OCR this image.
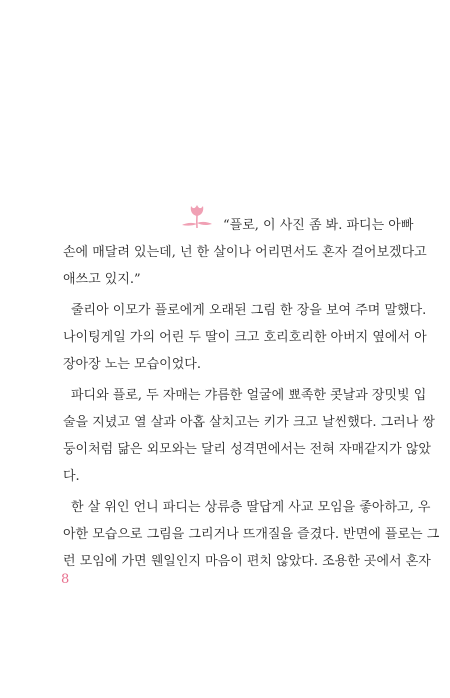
“플로, 이 사진 좀 봐. 파디는 아빠
손에 매달려 있는데, 넌 한 살이나 어리면서도 혼자 걸어보겠다고
애쓰고 있지.”
줄리아 이모가 플로에게 오래된 그림 한 장을 보여 주며 말했다.
나이팅게일 가의 어린 두 딸이 크고 호리호리한 아버지 옆에서 아
장아장 노는 모습이었다.
파디와 플로, 두 자매는 갸름한 얼굴에 뾰족한 콧날과 장밋빛 입
술을 지녔고 열 살과 아홉 살치고는 키가 크고 날씬했다. 그러나 쌍
둥이처럼 닮은 외모와는 달리 성격면에서는 전혀 자매같지가 않았
다.
한 살 위인 언니 파디는 상류층 딸답게 사교 모임을 좋아하고, 우
아한 모습으로 그림을 그리거나 뜨개질을 즐겼다. 반면에 플로는 그
런 모임에 가면 웬일인지 마음이 편치 않았다. 조용한 곳에서 혼자
8
